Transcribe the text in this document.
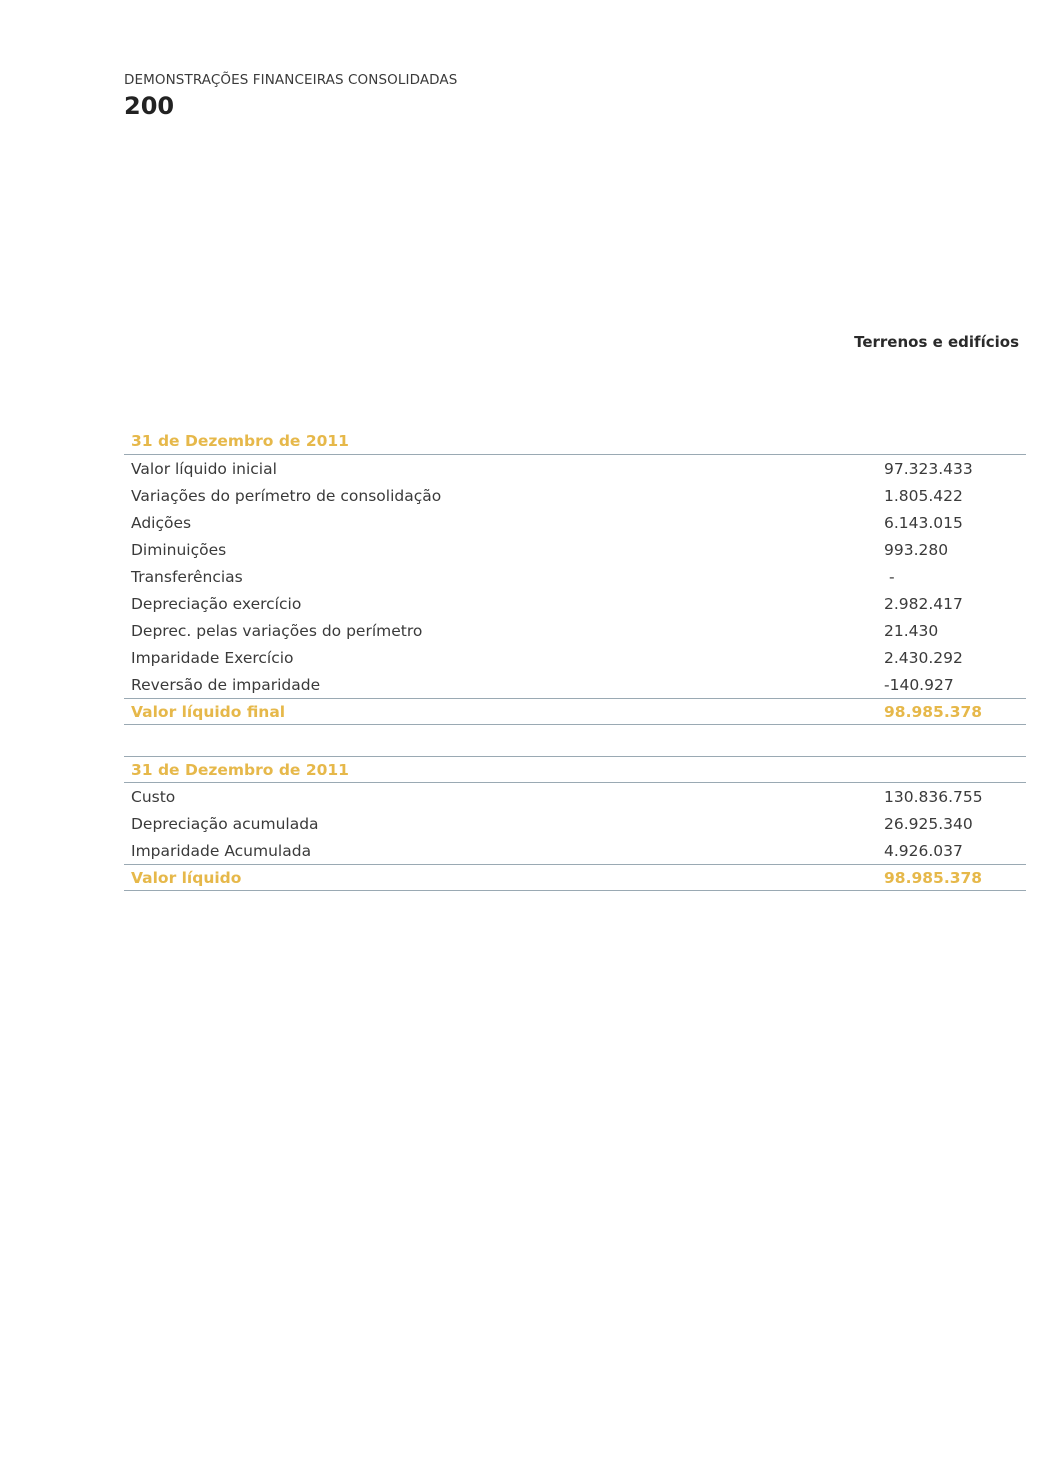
DEMONSTRAÇÕES FINANCEIRAS CONSOLIDADAS
200
Terrenos e edifícios
31 de Dezembro de 2011
Valor líquido inicial	97.323.433
Variações do perímetro de consolidação	1.805.422
Adições	6.143.015
Diminuições	993.280
Transferências	-
Depreciação exercício	2.982.417
Deprec. pelas variações do perímetro	21.430
Imparidade Exercício	2.430.292
Reversão de imparidade	-140.927
Valor líquido final	98.985.378
31 de Dezembro de 2011
Custo	130.836.755
Depreciação acumulada	26.925.340
Imparidade Acumulada	4.926.037
Valor líquido	98.985.378
